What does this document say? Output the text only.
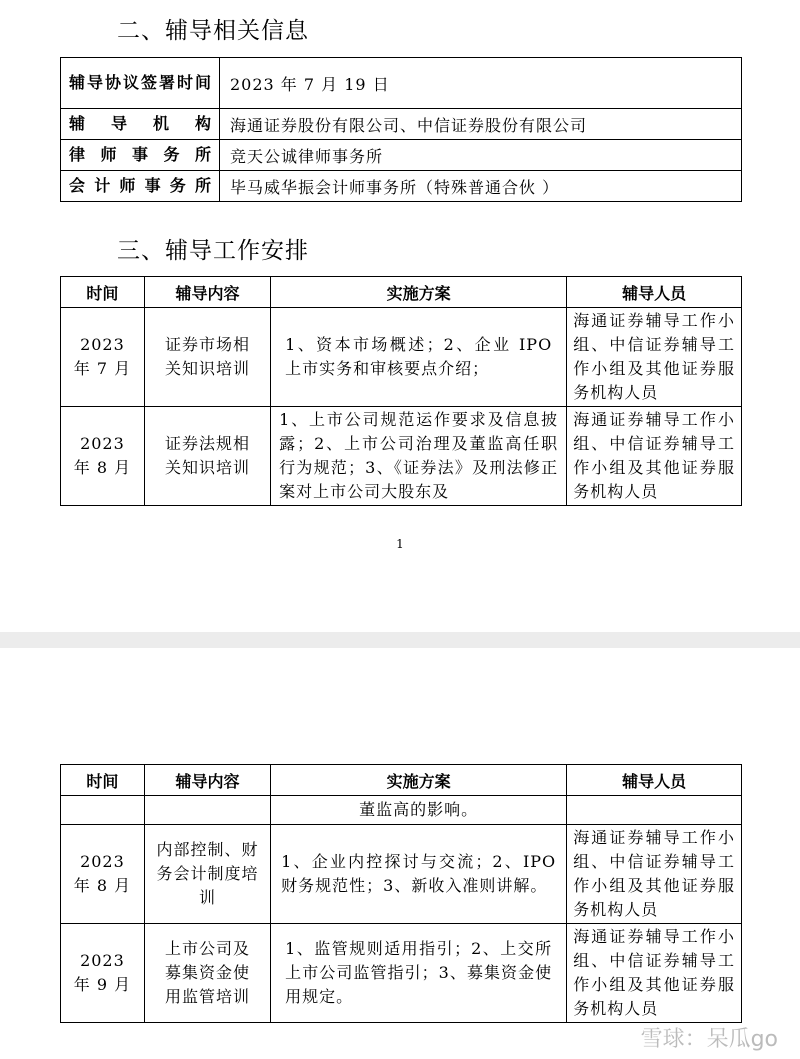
二、辅导相关信息
辅导协议签署时间	2023 年 7 月 19 日
辅导机构	海通证券股份有限公司、中信证券股份有限公司
律师事务所	竞天公诚律师事务所
会计师事务所	毕马威华振会计师事务所（特殊普通合伙 ）
三、辅导工作安排
时间	辅导内容	实施方案	辅导人员
2023 年 7 月	证券市场相关知识培训	1、资本市场概述；2、企业 IPO 上市实务和审核要点介绍；	海通证券辅导工作小组、中信证券辅导工作小组及其他证券服务机构人员
2023 年 8 月	证券法规相关知识培训	1、上市公司规范运作要求及信息披露；2、上市公司治理及董监高任职行为规范；3、《证券法》及刑法修正案对上市公司大股东及	海通证券辅导工作小组、中信证券辅导工作小组及其他证券服务机构人员
1
时间	辅导内容	实施方案	辅导人员
		董监高的影响。	
2023 年 8 月	内部控制、财务会计制度培训	1、企业内控探讨与交流；2、IPO 财务规范性；3、新收入准则讲解。	海通证券辅导工作小组、中信证券辅导工作小组及其他证券服务机构人员
2023 年 9 月	上市公司及募集资金使用监管培训	1、监管规则适用指引；2、上交所上市公司监管指引；3、募集资金使用规定。	海通证券辅导工作小组、中信证券辅导工作小组及其他证券服务机构人员
雪球：呆瓜go
